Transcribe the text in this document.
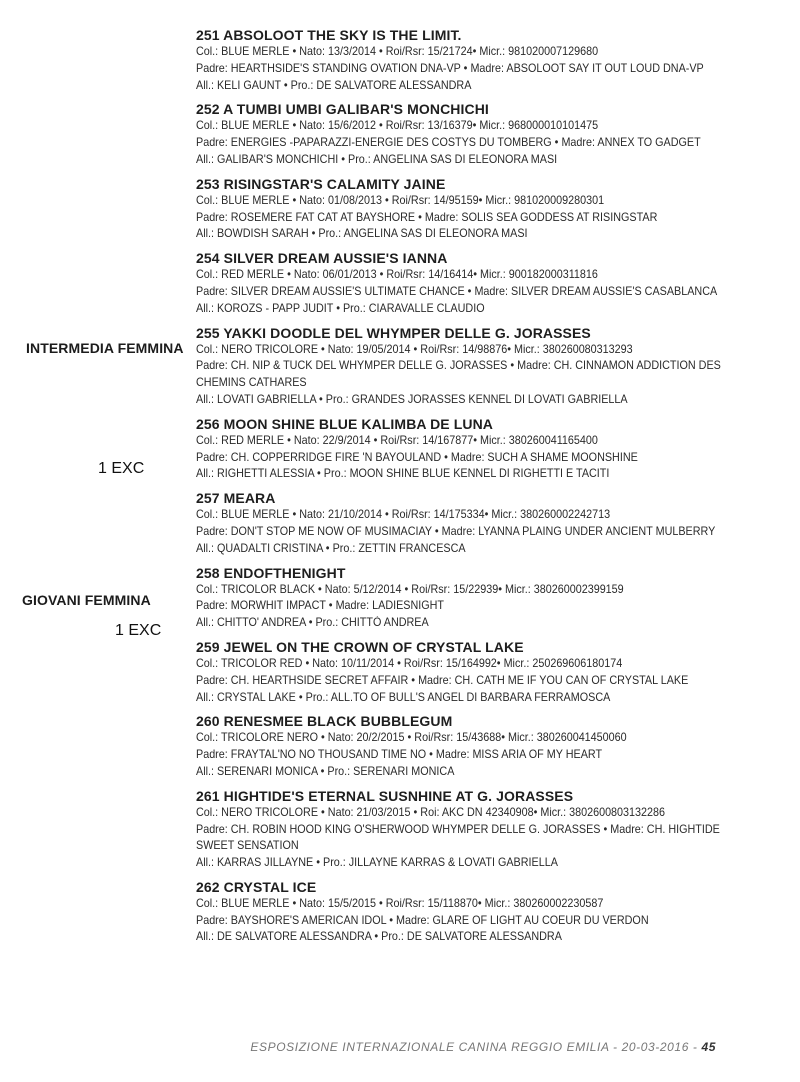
INTERMEDIA FEMMINA
GIOVANI FEMMINA
1 EXC
1 EXC
251 ABSOLOOT THE SKY IS THE LIMIT.
Col.: BLUE MERLE • Nato: 13/3/2014 • Roi/Rsr: 15/21724• Micr.: 981020007129680
Padre: HEARTHSIDE'S STANDING OVATION DNA-VP • Madre: ABSOLOOT SAY IT OUT LOUD DNA-VP
All.: KELI GAUNT • Pro.: DE SALVATORE ALESSANDRA
252 A TUMBI UMBI GALIBAR'S MONCHICHI
Col.: BLUE MERLE • Nato: 15/6/2012 • Roi/Rsr: 13/16379• Micr.: 968000010101475
Padre: ENERGIES -PAPARAZZI-ENERGIE DES COSTYS DU TOMBERG • Madre: ANNEX TO GADGET
All.: GALIBAR'S MONCHICHI • Pro.: ANGELINA SAS DI ELEONORA MASI
253 RISINGSTAR'S CALAMITY JAINE
Col.: BLUE MERLE • Nato: 01/08/2013 • Roi/Rsr: 14/95159• Micr.: 981020009280301
Padre: ROSEMERE FAT CAT AT BAYSHORE • Madre: SOLIS SEA GODDESS AT RISINGSTAR
All.: BOWDISH SARAH • Pro.: ANGELINA SAS DI ELEONORA MASI
254 SILVER DREAM AUSSIE'S IANNA
Col.: RED MERLE • Nato: 06/01/2013 • Roi/Rsr: 14/16414• Micr.: 900182000311816
Padre: SILVER DREAM AUSSIE'S ULTIMATE CHANCE • Madre: SILVER DREAM AUSSIE'S CASABLANCA
All.: KOROZS - PAPP JUDIT • Pro.: CIARAVALLE CLAUDIO
255 YAKKI DOODLE DEL WHYMPER DELLE G. JORASSES
Col.: NERO TRICOLORE • Nato: 19/05/2014 • Roi/Rsr: 14/98876• Micr.: 380260080313293
Padre: CH. NIP & TUCK DEL WHYMPER DELLE G. JORASSES • Madre: CH. CINNAMON ADDICTION DES
CHEMINS CATHARES
All.: LOVATI GABRIELLA • Pro.: GRANDES JORASSES KENNEL DI LOVATI GABRIELLA
256 MOON SHINE BLUE KALIMBA DE LUNA
Col.: RED MERLE • Nato: 22/9/2014 • Roi/Rsr: 14/167877• Micr.: 380260041165400
Padre: CH. COPPERRIDGE FIRE 'N BAYOULAND • Madre: SUCH A SHAME MOONSHINE
All.: RIGHETTI ALESSIA • Pro.: MOON SHINE BLUE KENNEL DI RIGHETTI E TACITI
257 MEARA
Col.: BLUE MERLE • Nato: 21/10/2014 • Roi/Rsr: 14/175334• Micr.: 380260002242713
Padre: DON'T STOP ME NOW OF MUSIMACIAY • Madre: LYANNA PLAING UNDER ANCIENT MULBERRY
All.: QUADALTI CRISTINA • Pro.: ZETTIN FRANCESCA
258 ENDOFTHENIGHT
Col.: TRICOLOR BLACK • Nato: 5/12/2014 • Roi/Rsr: 15/22939• Micr.: 380260002399159
Padre: MORWHIT IMPACT • Madre: LADIESNIGHT
All.: CHITTO' ANDREA • Pro.: CHITTÒ ANDREA
259 JEWEL ON THE CROWN OF CRYSTAL LAKE
Col.: TRICOLOR RED • Nato: 10/11/2014 • Roi/Rsr: 15/164992• Micr.: 250269606180174
Padre: CH. HEARTHSIDE SECRET AFFAIR • Madre: CH. CATH ME IF YOU CAN OF CRYSTAL LAKE
All.: CRYSTAL LAKE • Pro.: ALL.TO OF BULL'S ANGEL DI BARBARA FERRAMOSCA
260 RENESMEE BLACK BUBBLEGUM
Col.: TRICOLORE NERO • Nato: 20/2/2015 • Roi/Rsr: 15/43688• Micr.: 380260041450060
Padre: FRAYTAL'NO NO THOUSAND TIME NO • Madre: MISS ARIA OF MY HEART
All.: SERENARI MONICA • Pro.: SERENARI MONICA
261 HIGHTIDE'S ETERNAL SUSNHINE AT G. JORASSES
Col.: NERO TRICOLORE • Nato: 21/03/2015 • Roi: AKC DN 42340908• Micr.: 3802600803132286
Padre: CH. ROBIN HOOD KING O'SHERWOOD WHYMPER DELLE G. JORASSES • Madre: CH. HIGHTIDE
SWEET SENSATION
All.: KARRAS JILLAYNE • Pro.: JILLAYNE KARRAS & LOVATI GABRIELLA
262 CRYSTAL ICE
Col.: BLUE MERLE • Nato: 15/5/2015 • Roi/Rsr: 15/118870• Micr.: 380260002230587
Padre: BAYSHORE'S AMERICAN IDOL • Madre: GLARE OF LIGHT AU COEUR DU VERDON
All.: DE SALVATORE ALESSANDRA • Pro.: DE SALVATORE ALESSANDRA
ESPOSIZIONE INTERNAZIONALE CANINA REGGIO EMILIA - 20-03-2016 - 45
